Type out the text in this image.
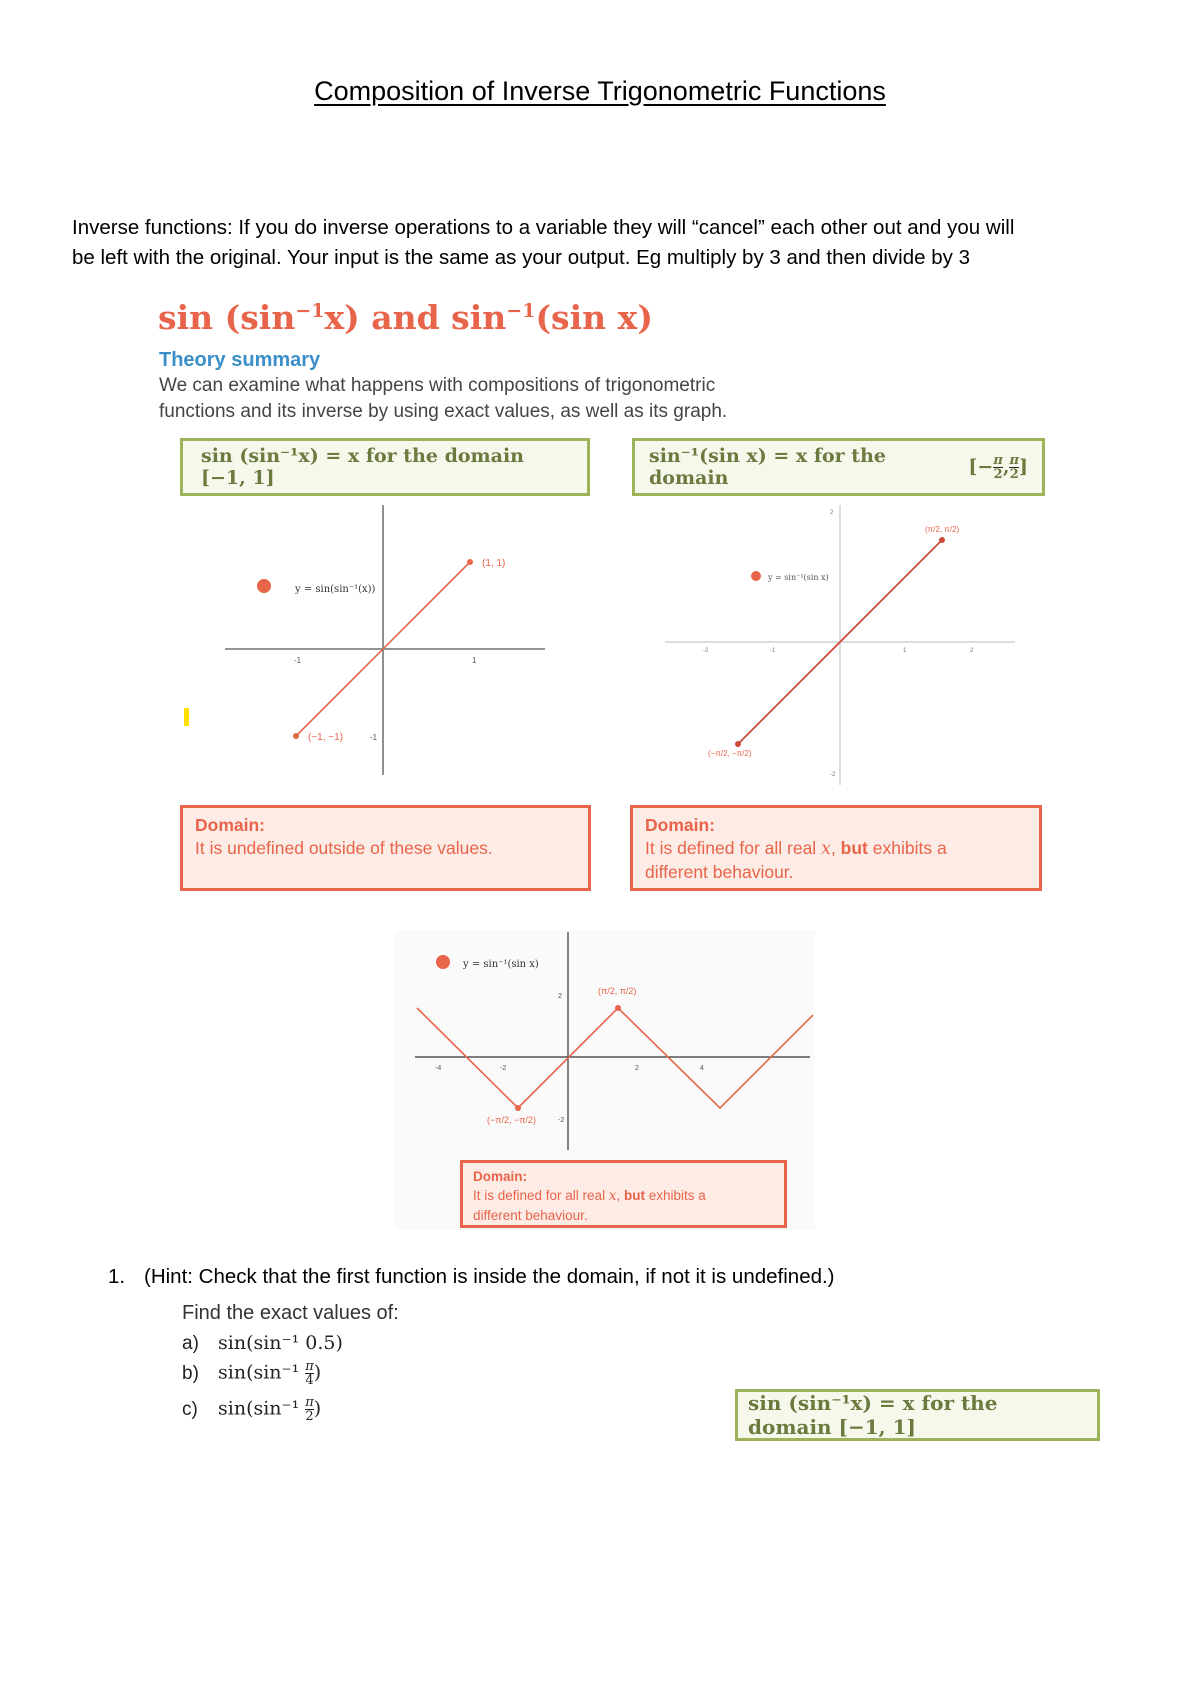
Composition of Inverse Trigonometric Functions
Inverse functions: If you do inverse operations to a variable they will “cancel” each other out and you will
be left with the original. Your input is the same as your output. Eg multiply by 3 and then divide by 3
$\sin (\sin^{-1}x)$ and $\sin^{-1}(\sin$ x)
Theory summary
We can examine what happens with compositions of trigonometric
functions and its inverse by using exact values, as well as its graph.
sin (sin⁻¹x) = x for the domain [−1, 1]
sin⁻¹(sin x) = x for the domain	[− $\frac{\pi}{2}$ , $\frac{\pi}{2}$ ]
y = sin(sin⁻¹(x))
(1, 1)
(−1, −1)
-1	1
-1
y = sin⁻¹(sin x)
(π/2, π/2)
(−π/2, −π/2)
-2	-1	1	2
2
-2
Domain:
It is undefined outside of these values.
Domain:
It is defined for all real x, but exhibits a
different behaviour.
y = sin⁻¹(sin x)
(π/2, π/2)
(−π/2, −π/2)
-4	-2	2	4
2
-2
Domain:
It is defined for all real x, but exhibits a
different behaviour.
1. (Hint: Check that the first function is inside the domain, if not it is undefined.)
Find the exact values of:
a) sin(sin⁻¹ 0.5)
b) $\sin(\sin^{-1} \frac{\pi}{4}$ )
c) $\sin(\sin^{-1} \frac{\pi}{2}$ )	sin (sin⁻¹x) = x for the domain [−1, 1]
